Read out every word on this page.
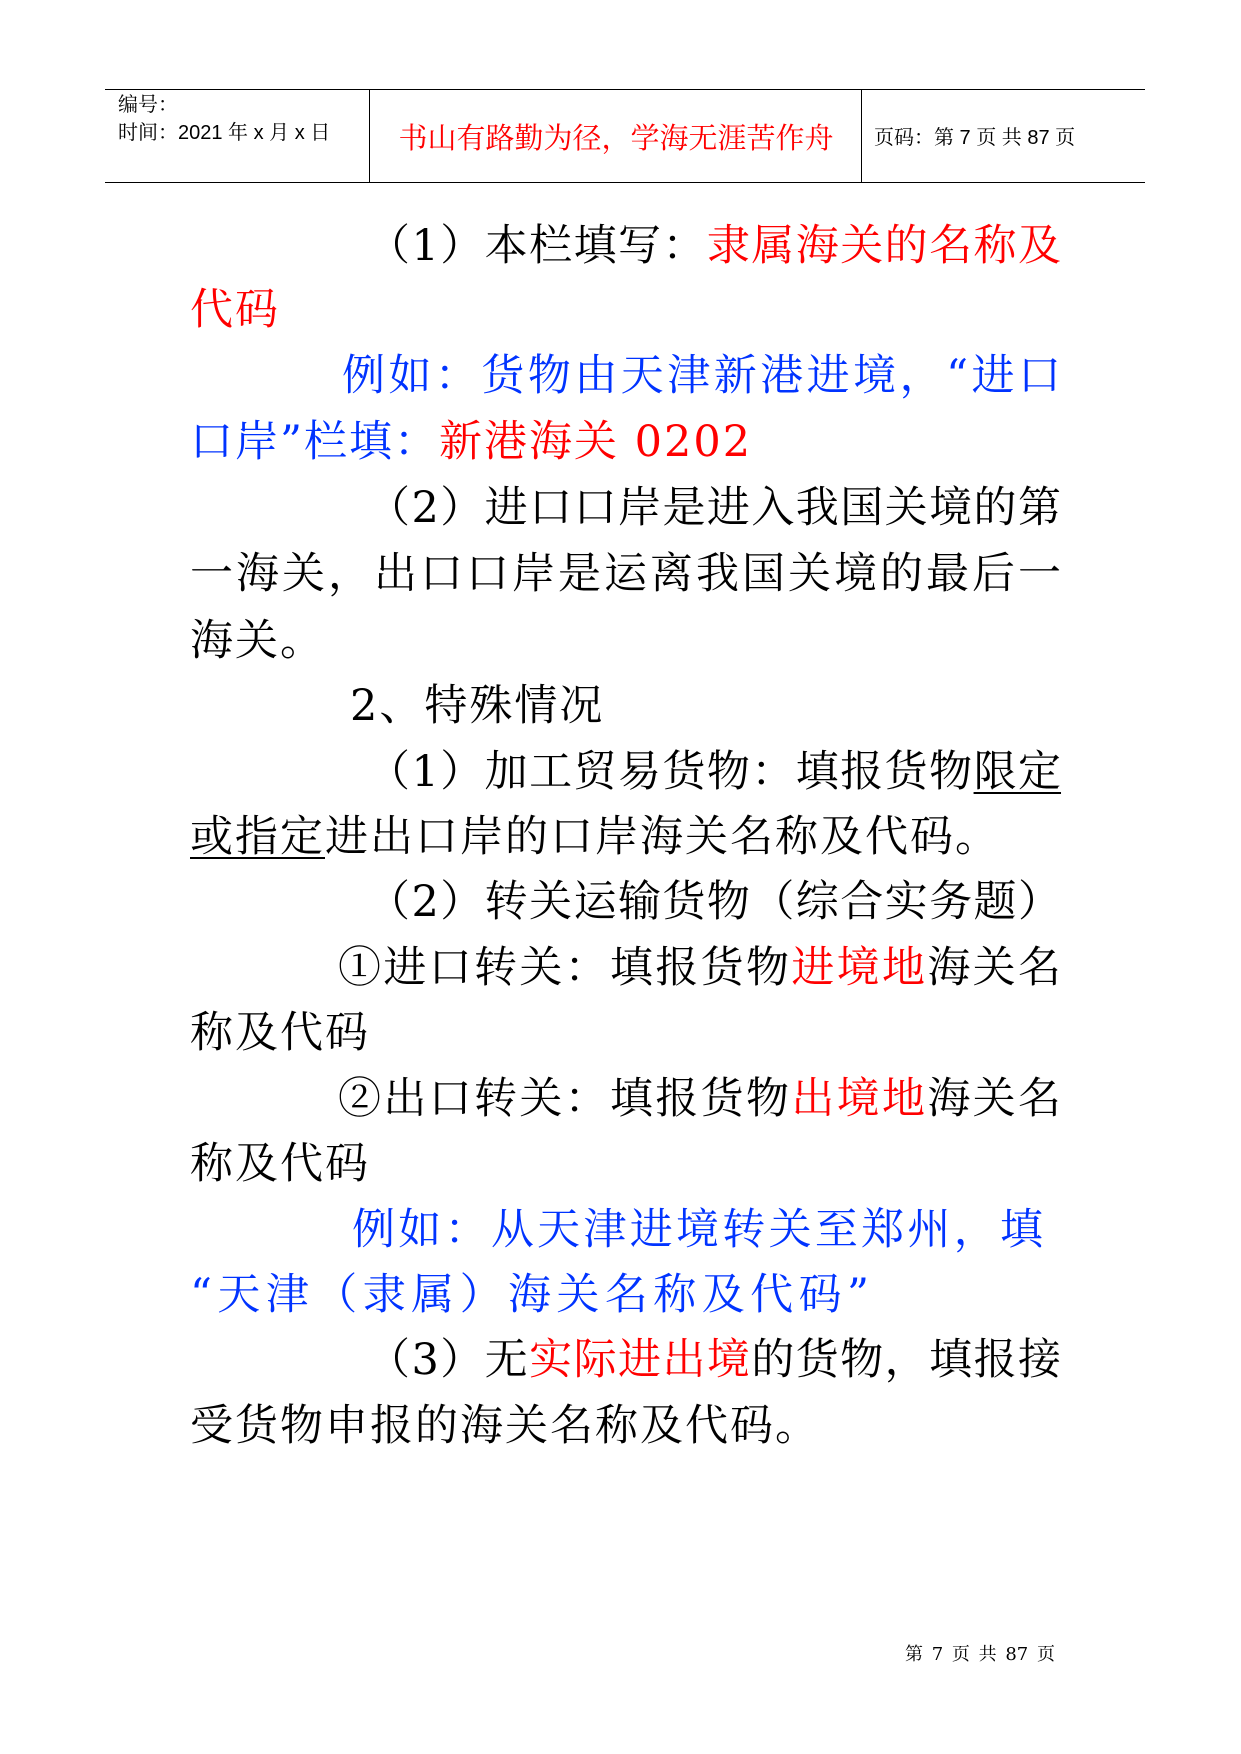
编号：
时间：2021 年 x 月 x 日	书山有路勤为径，学海无涯苦作舟	页码：第 7 页 共 87 页
（1）本栏填写：隶属海关的名称及
代码
例如：货物由天津新港进境，“进口
口岸”栏填：新港海关 0202
（2）进口口岸是进入我国关境的第
一海关，出口口岸是运离我国关境的最后一
海关。
2、特殊情况
（1）加工贸易货物：填报货物限定
或指定进出口岸的口岸海关名称及代码。
（2）转关运输货物（综合实务题）
①进口转关：填报货物进境地海关名
称及代码
②出口转关：填报货物出境地海关名
称及代码
例如：从天津进境转关至郑州，填
“天津（隶属）海关名称及代码”
（3）无实际进出境的货物，填报接
受货物申报的海关名称及代码。
第 7 页 共 87 页
